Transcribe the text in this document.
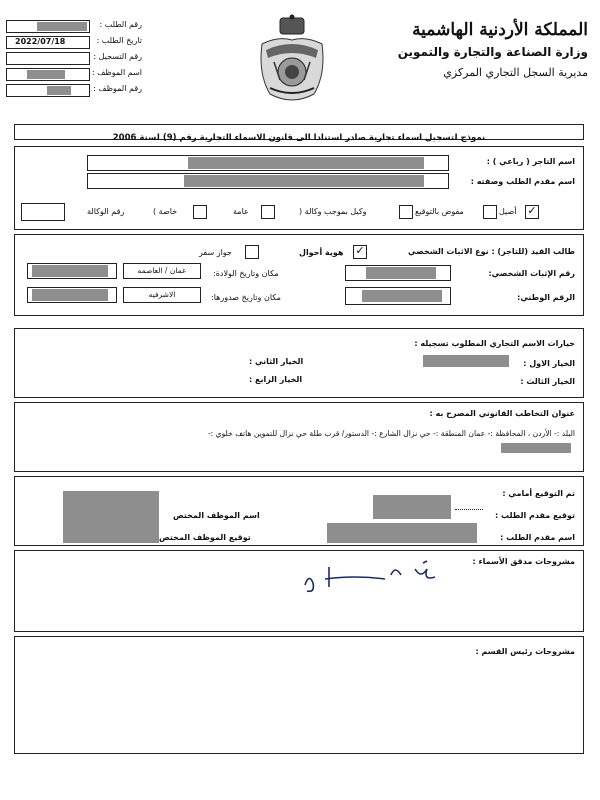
رقم الطلب :
2022/07/18	تاريخ الطلب :
رقم التسجيل :
اسم الموظف :
رقم الموظف :
المملكة الأردنية الهاشمية
وزارة الصناعة والتجارة والتموين
مديرية السجل التجاري المركزي
نموذج لتسجيل اسماء تجارية صادر استنادا الى قانون الاسماء التجارية رقم (9) لسنة 2006
اسم التاجر ( رباعي ) :
اسم مقدم الطلب وصفته :
✓
أصيل
مفوض بالتوقيع
وكيل بموجب وكالة (
عامة
خاصة )
رقم الوكالة
طالب القيد (للتاجر) : نوع الاثبات الشخصي
✓
هوية أحوال
جواز سفر
رقم الإثبات الشخصي:
مكان وتاريخ الولادة:
عمان / العاصمه
الرقم الوطني:
مكان وتاريخ صدورها:
الاشرفيه
خيارات الاسم التجاري المطلوب تسجيله :
الخيار الاول :
الخيار الثاني :
الخيار الثالث :
الخيار الرابع :
عنوان التخاطب القانوني المصرح به :
البلد :- الأردن ، المحافظة :- عمان المنطقة :- حي نزال الشارع :- الدستور/ قرب طلة حي نزال للتموين هاتف خلوي :-
تم التوقيع أمامي :
توقيع مقدم الطلب :
اسم مقدم الطلب :
اسم الموظف المختص
توقيع الموظف المختص
مشروحات مدقق الأسماء :
مشروحات رئيس القسم :
